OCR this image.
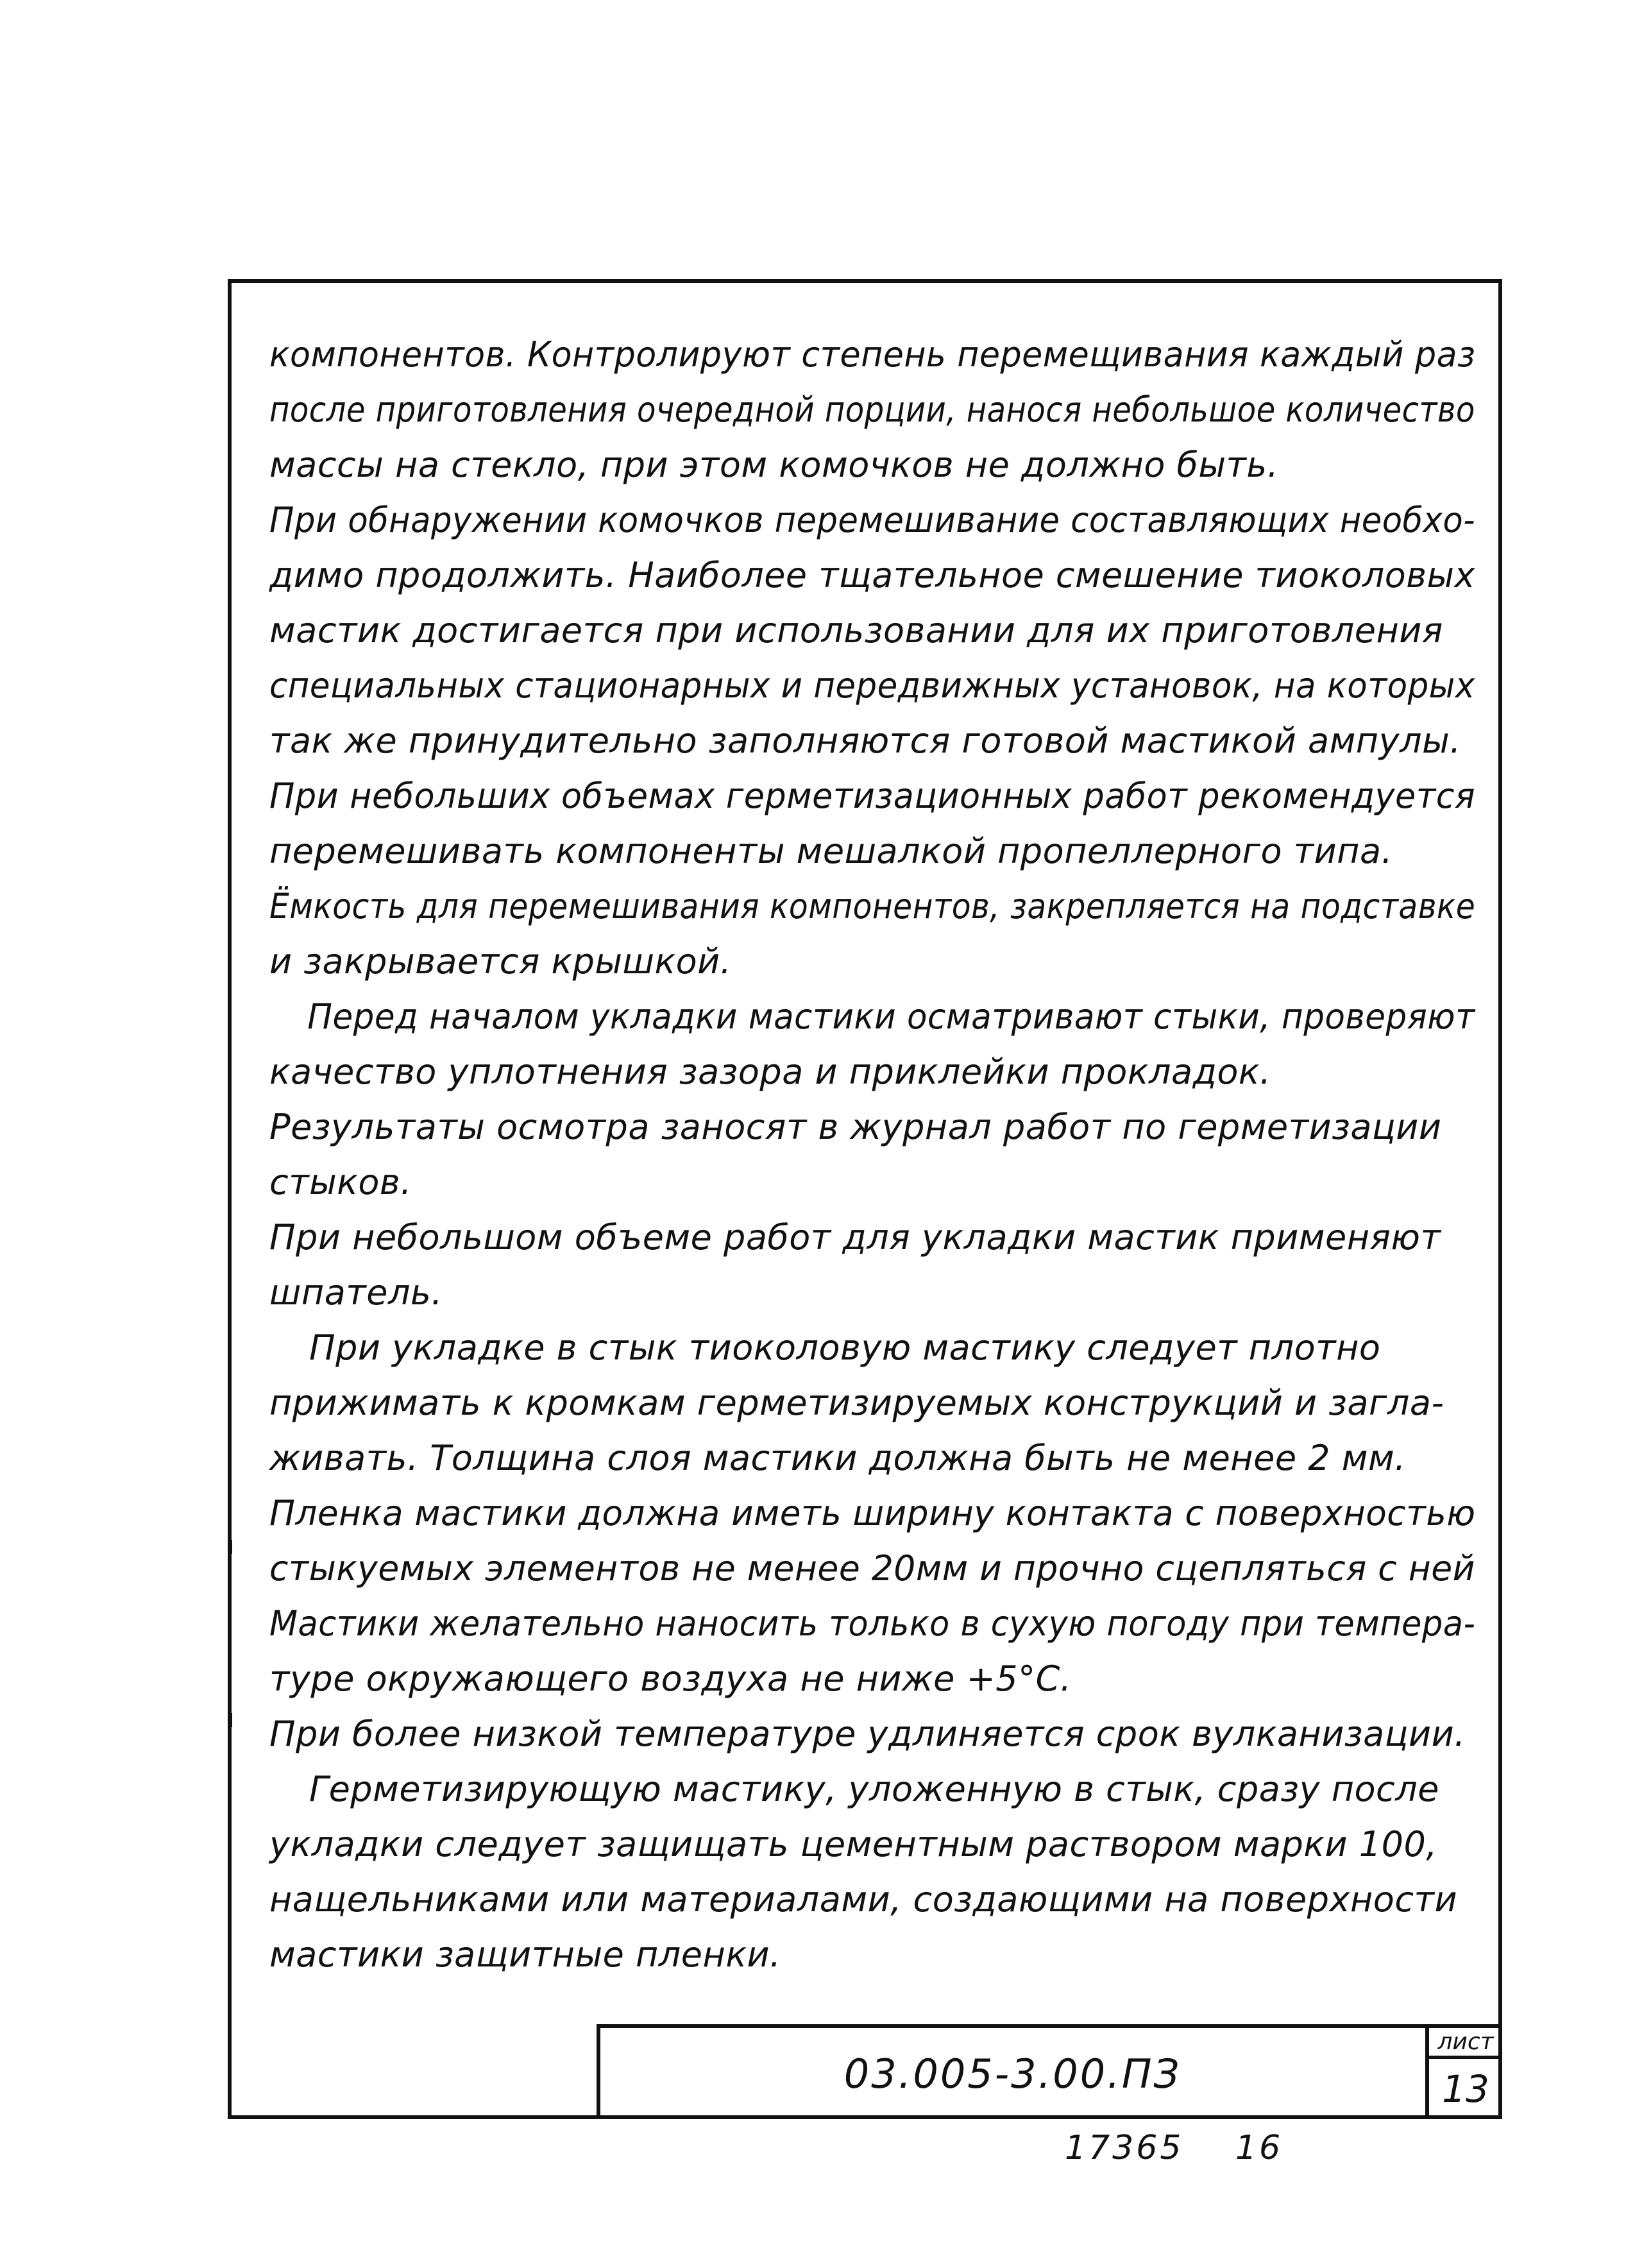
компонентов. Контролируют степень перемещивания каждый раз
после приготовления очередной порции, нанося небольшое количество
массы на стекло, при этом комочков не должно быть.
При обнаружении комочков перемешивание составляющих необхо-
димо продолжить. Наиболее тщательное смешение тиоколовых
мастик достигается при использовании для их приготовления
специальных стационарных и передвижных установок, на которых
так же принудительно заполняются готовой мастикой ампулы.
При небольших объемах герметизационных работ рекомендуется
перемешивать компоненты мешалкой пропеллерного типа.
Ёмкость для перемешивания компонентов, закрепляется на подставке
и закрывается крышкой.
Перед началом укладки мастики осматривают стыки, проверяют
качество уплотнения зазора и приклейки прокладок.
Результаты осмотра заносят в журнал работ по герметизации
стыков.
При небольшом объеме работ для укладки мастик применяют
шпатель.
При укладке в стык тиоколовую мастику следует плотно
прижимать к кромкам герметизируемых конструкций и загла-
живать. Толщина слоя мастики должна быть не менее 2 мм.
Пленка мастики должна иметь ширину контакта с поверхностью
стыкуемых элементов не менее 20мм и прочно сцепляться с ней
Мастики желательно наносить только в сухую погоду при темпера-
туре окружающего воздуха не ниже +5°С.
При более низкой температуре удлиняется срок вулканизации.
Герметизирующую мастику, уложенную в стык, сразу после
укладки следует защищать цементным раствором марки 100,
нащельниками или материалами, создающими на поверхности
мастики защитные пленки.
03.005-3.00.ПЗ
лист
13
17365 16
